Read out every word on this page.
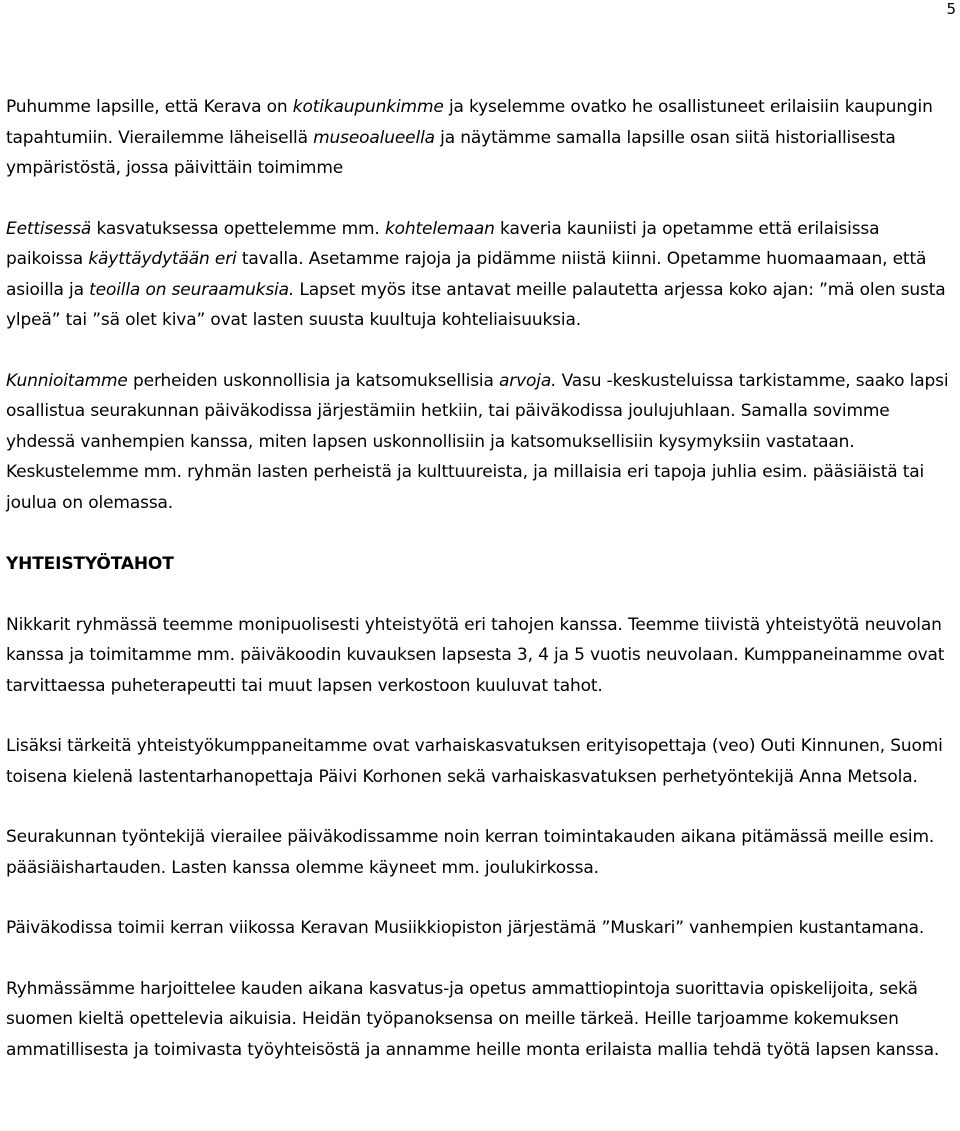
5

Puhumme lapsille, että Kerava on kotikaupunkimme ja kyselemme ovatko he osallistuneet erilaisiin kaupungin tapahtumiin. Vierailemme läheisellä museoalueella ja näytämme samalla lapsille osan siitä historiallisesta ympäristöstä, jossa päivittäin toimimme

Eettisessä kasvatuksessa opettelemme mm. kohtelemaan kaveria kauniisti ja opetamme että erilaisissa paikoissa käyttäydytään eri tavalla. Asetamme rajoja ja pidämme niistä kiinni. Opetamme huomaamaan, että asioilla ja teoilla on seuraamuksia. Lapset myös itse antavat meille palautetta arjessa koko ajan: ”mä olen susta ylpeä” tai ”sä olet kiva” ovat lasten suusta kuultuja kohteliaisuuksia.

Kunnioitamme perheiden uskonnollisia ja katsomuksellisia arvoja. Vasu -keskusteluissa tarkistamme, saako lapsi osallistua seurakunnan päiväkodissa järjestämiin hetkiin, tai päiväkodissa joulujuhlaan. Samalla sovimme yhdessä vanhempien kanssa, miten lapsen uskonnollisiin ja katsomuksellisiin kysymyksiin vastataan. Keskustelemme mm. ryhmän lasten perheistä ja kulttuureista, ja millaisia eri tapoja juhlia esim. pääsiäistä tai joulua on olemassa.

YHTEISTYÖTAHOT

Nikkarit ryhmässä teemme monipuolisesti yhteistyötä eri tahojen kanssa. Teemme tiivistä yhteistyötä neuvolan kanssa ja toimitamme mm. päiväkoodin kuvauksen lapsesta 3, 4 ja 5 vuotis neuvolaan. Kumppaneinamme ovat tarvittaessa puheterapeutti tai muut lapsen verkostoon kuuluvat tahot.

Lisäksi tärkeitä yhteistyökumppaneitamme ovat varhaiskasvatuksen erityisopettaja (veo) Outi Kinnunen, Suomi toisena kielenä lastentarhanopettaja Päivi Korhonen sekä varhaiskasvatuksen perhetyöntekijä Anna Metsola.

Seurakunnan työntekijä vierailee päiväkodissamme noin kerran toimintakauden aikana pitämässä meille esim. pääsiäishartauden. Lasten kanssa olemme käyneet mm. joulukirkossa.

Päiväkodissa toimii kerran viikossa Keravan Musiikkiopiston järjestämä ”Muskari” vanhempien kustantamana.

Ryhmässämme harjoittelee kauden aikana kasvatus-ja opetus ammattiopintoja suorittavia opiskelijoita, sekä suomen kieltä opettelevia aikuisia. Heidän työpanoksensa on meille tärkeä. Heille tarjoamme kokemuksen ammatillisesta ja toimivasta työyhteisöstä ja annamme heille monta erilaista mallia tehdä työtä lapsen kanssa.
